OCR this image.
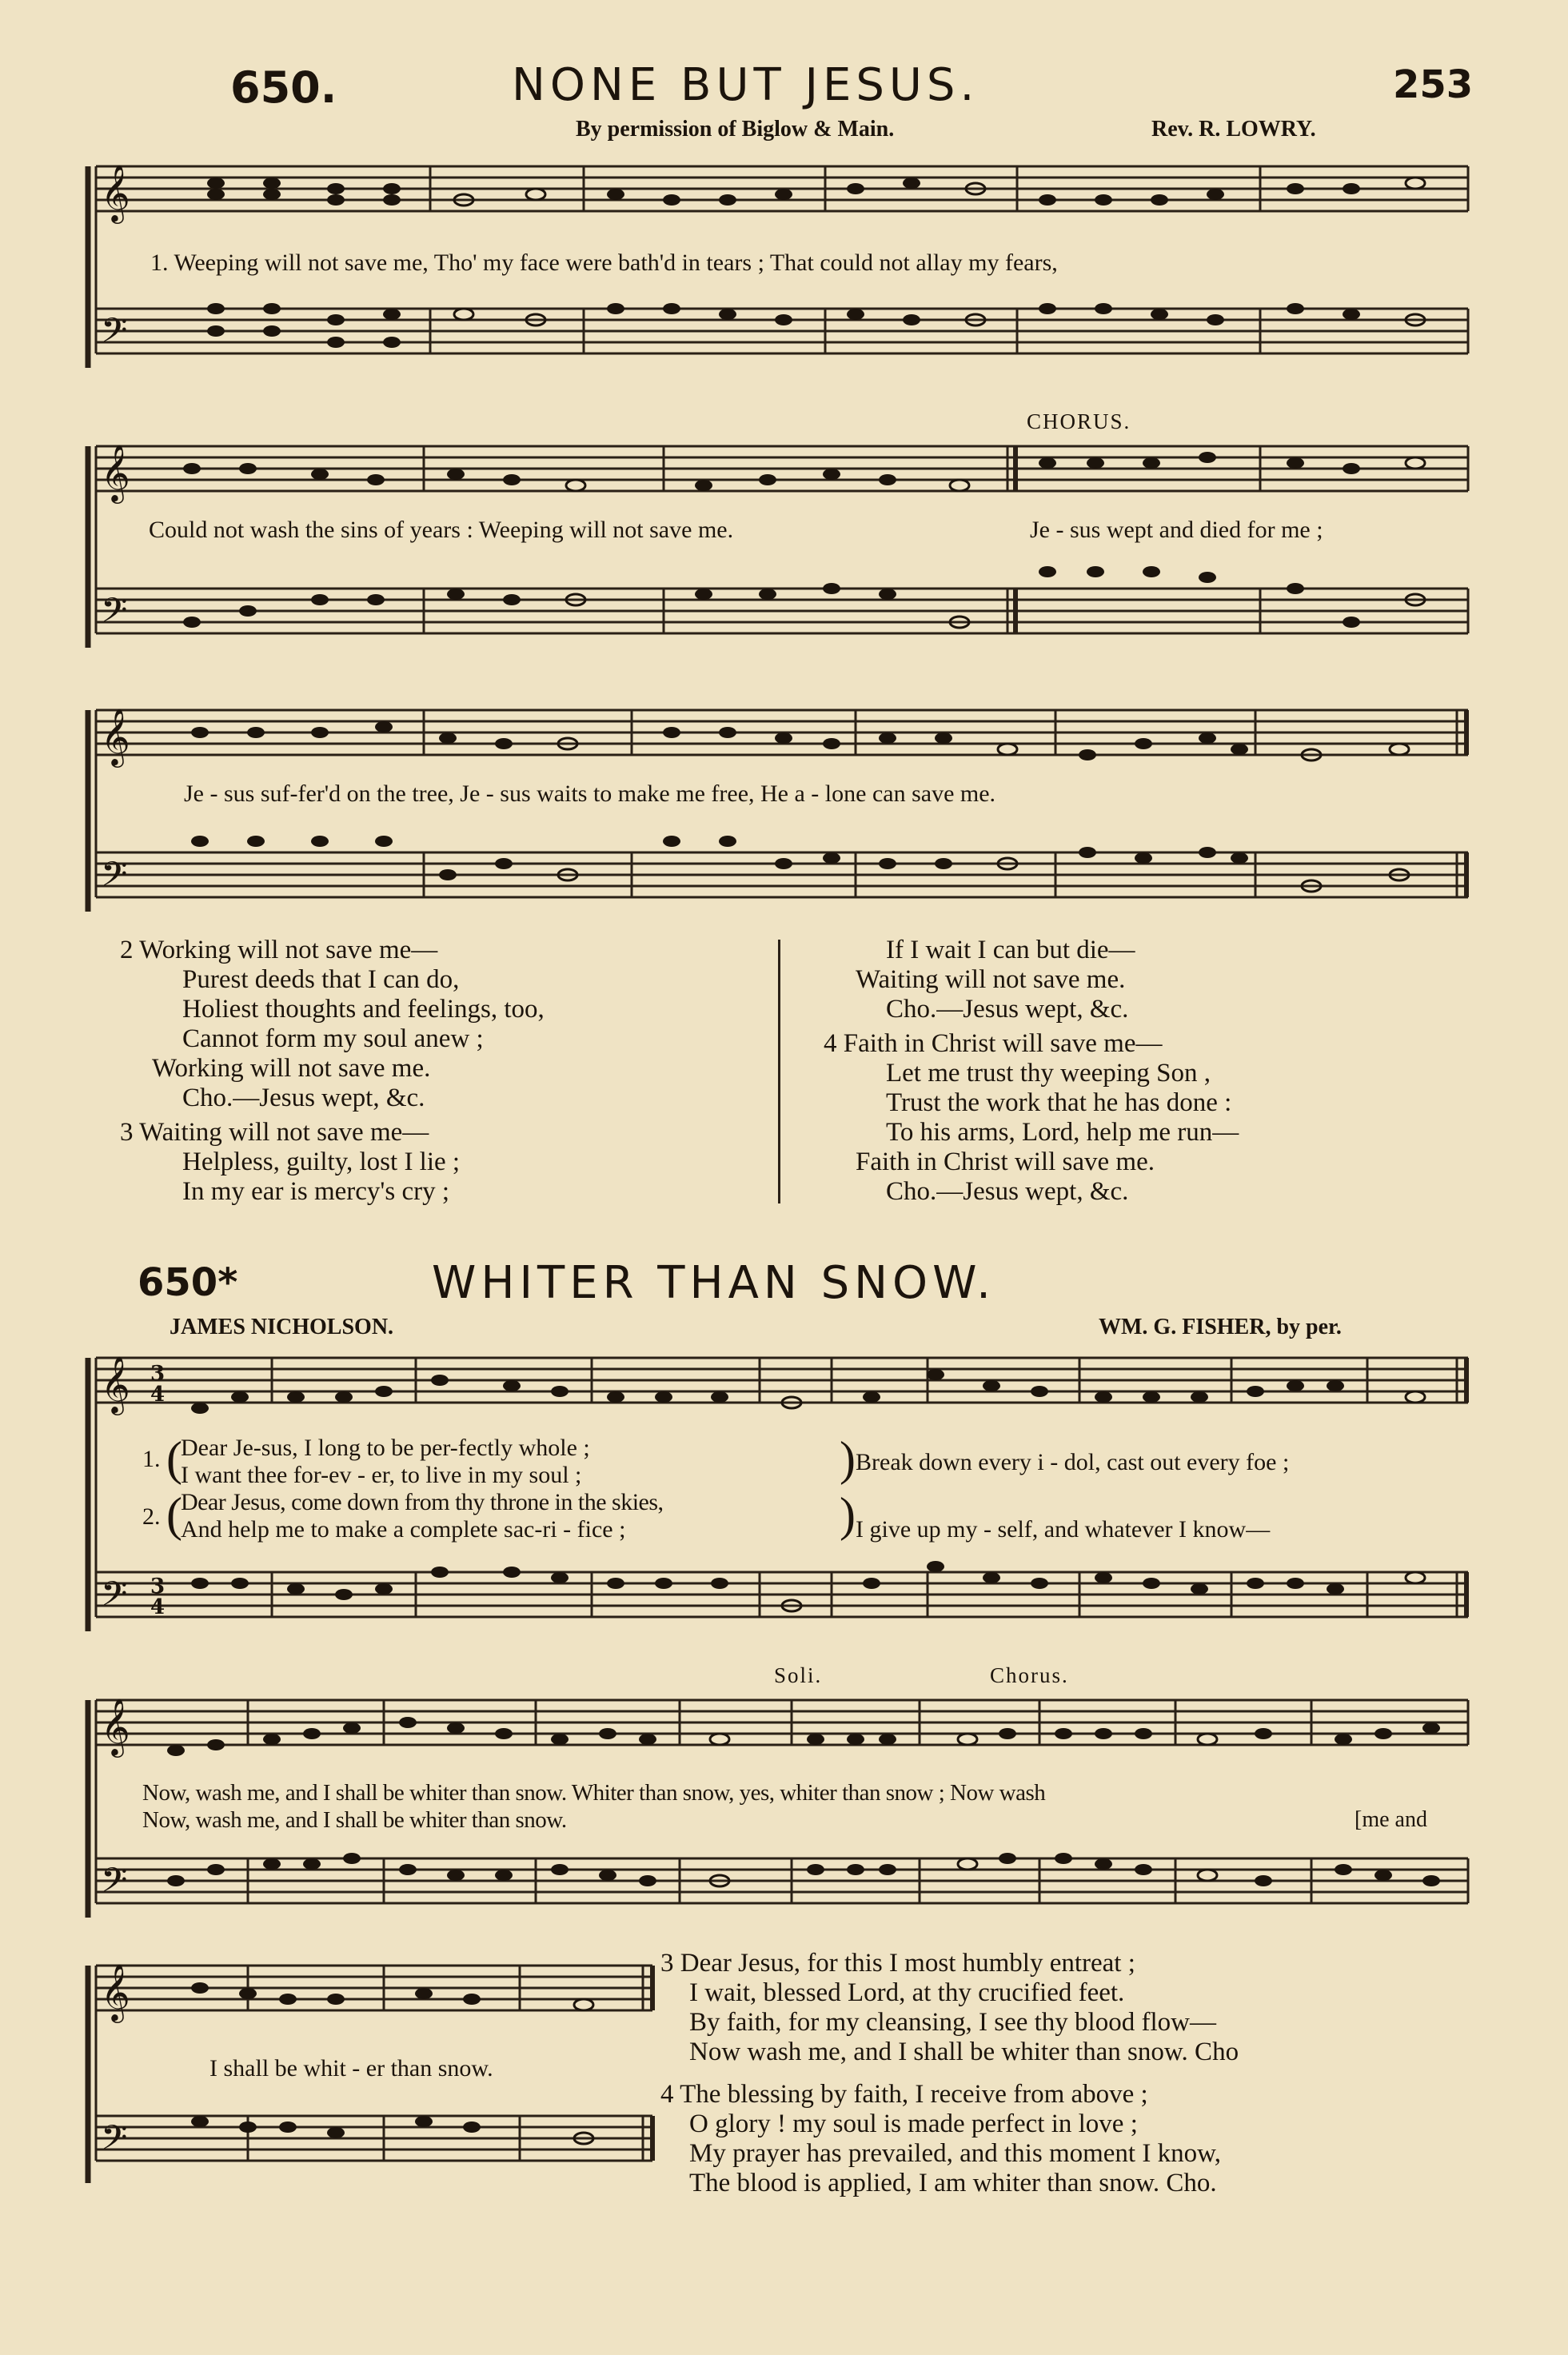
650.	NONE BUT JESUS.	253
By permission of Biglow & Main.	Rev. R. LOWRY.
𝄞
𝄢
1. Weeping will not save me, Tho' my face were bath'd in tears ; That could not allay my fears,
CHORUS.
𝄞
𝄢
Could not wash the sins of years : Weeping will not save me.	Je - sus wept and died for me ;
𝄞
𝄢
Je - sus suf-fer'd on the tree, Je - sus waits to make me free, He a - lone can save me.
2 Working will not save me—
Purest deeds that I can do,
Holiest thoughts and feelings, too,
Cannot form my soul anew ;
Working will not save me.
Cho.—Jesus wept, &c.
3 Waiting will not save me—
Helpless, guilty, lost I lie ;
In my ear is mercy's cry ;
If I wait I can but die—
Waiting will not save me.
Cho.—Jesus wept, &c.
4 Faith in Christ will save me—
Let me trust thy weeping Son ,
Trust the work that he has done :
To his arms, Lord, help me run—
Faith in Christ will save me.
Cho.—Jesus wept, &c.
650*	WHITER THAN SNOW.
JAMES NICHOLSON.	WM. G. FISHER, by per.
𝄞
𝄢
3
4
3
4
1. (
Dear Je-sus, I long to be per-fectly whole ;
I want thee for-ev - er, to live in my soul ;	) Break down every i - dol, cast out every foe ;
2. (
Dear Jesus, come down from thy throne in the skies,
And help me to make a complete sac-ri - fice ;	) I give up my - self, and whatever I know—
Soli.	Chorus.
𝄞
𝄢
Now, wash me, and I shall be whiter than snow. Whiter than snow, yes, whiter than snow ; Now wash
Now, wash me, and I shall be whiter than snow.	[me and
𝄞
𝄢
I shall be whit - er than snow.
3 Dear Jesus, for this I most humbly entreat ;
I wait, blessed Lord, at thy crucified feet.
By faith, for my cleansing, I see thy blood flow—
Now wash me, and I shall be whiter than snow. Cho
4 The blessing by faith, I receive from above ;
O glory ! my soul is made perfect in love ;
My prayer has prevailed, and this moment I know,
The blood is applied, I am whiter than snow. Cho.
